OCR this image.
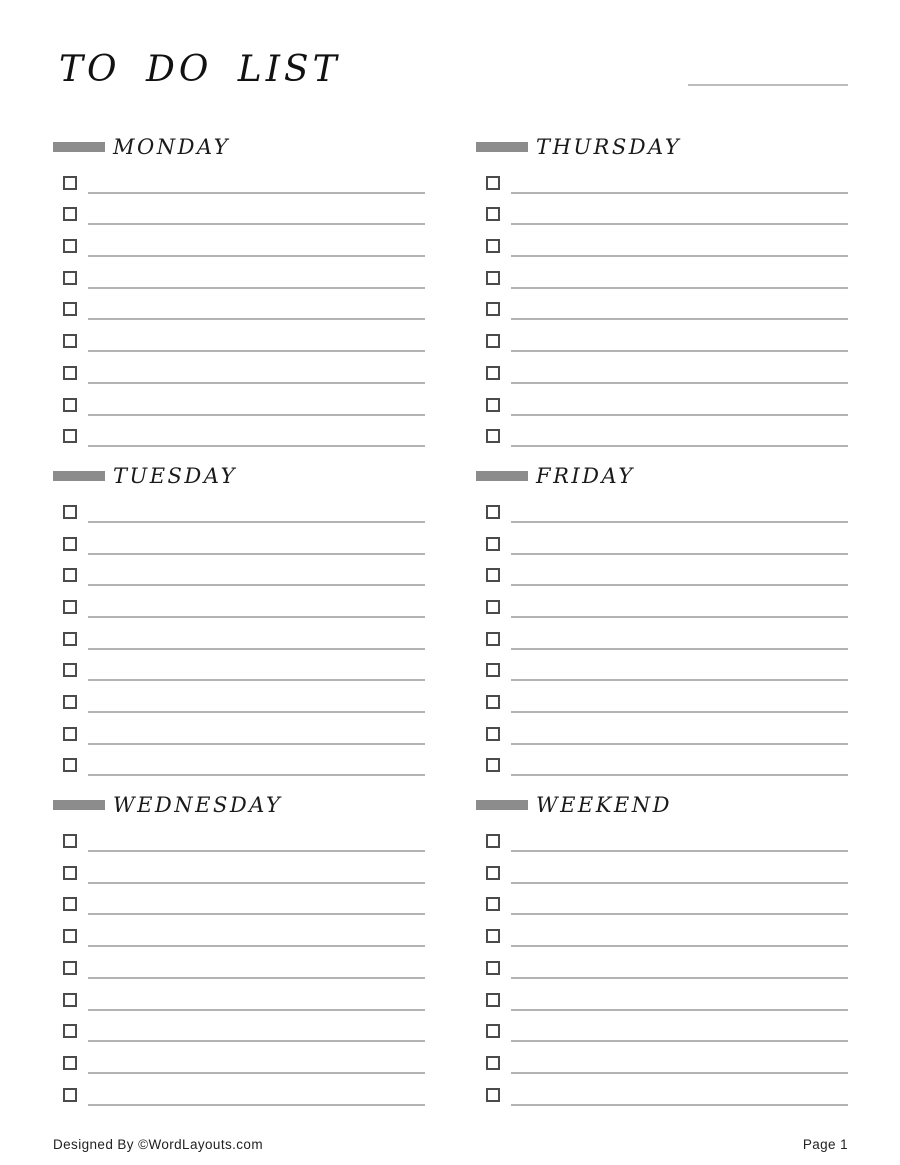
TO DO LIST
MONDAY	THURSDAY
TUESDAY	FRIDAY
WEDNESDAY	WEEKEND
Designed By ©WordLayouts.com	Page 1
